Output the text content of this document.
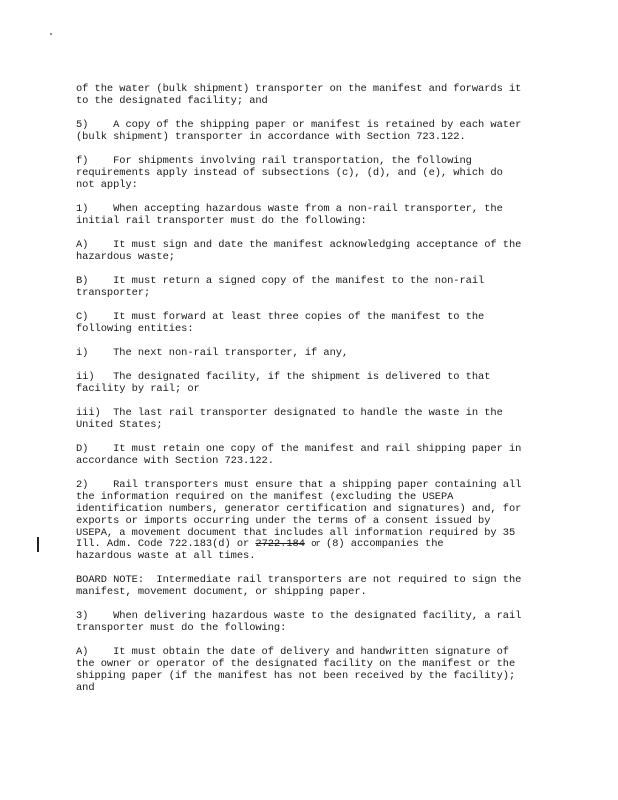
of the water (bulk shipment) transporter on the manifest and forwards it
to the designated facility; and

5)    A copy of the shipping paper or manifest is retained by each water
(bulk shipment) transporter in accordance with Section 723.122.

f)    For shipments involving rail transportation, the following
requirements apply instead of subsections (c), (d), and (e), which do
not apply:

1)    When accepting hazardous waste from a non-rail transporter, the
initial rail transporter must do the following:

A)    It must sign and date the manifest acknowledging acceptance of the
hazardous waste;

B)    It must return a signed copy of the manifest to the non-rail
transporter;

C)    It must forward at least three copies of the manifest to the
following entities:

i)    The next non-rail transporter, if any,

ii)   The designated facility, if the shipment is delivered to that
facility by rail; or

iii)  The last rail transporter designated to handle the waste in the
United States;

D)    It must retain one copy of the manifest and rail shipping paper in
accordance with Section 723.122.

2)    Rail transporters must ensure that a shipping paper containing all
the information required on the manifest (excluding the USEPA
identification numbers, generator certification and signatures) and, for
exports or imports occurring under the terms of a consent issued by
USEPA, a movement document that includes all information required by 35

Ill. Adm. Code 722.183(d) or 2722.184 or (8) accompanies the

hazardous waste at all times.

BOARD NOTE:  Intermediate rail transporters are not required to sign the
manifest, movement document, or shipping paper.

3)    When delivering hazardous waste to the designated facility, a rail
transporter must do the following:

A)    It must obtain the date of delivery and handwritten signature of
the owner or operator of the designated facility on the manifest or the
shipping paper (if the manifest has not been received by the facility);
and
